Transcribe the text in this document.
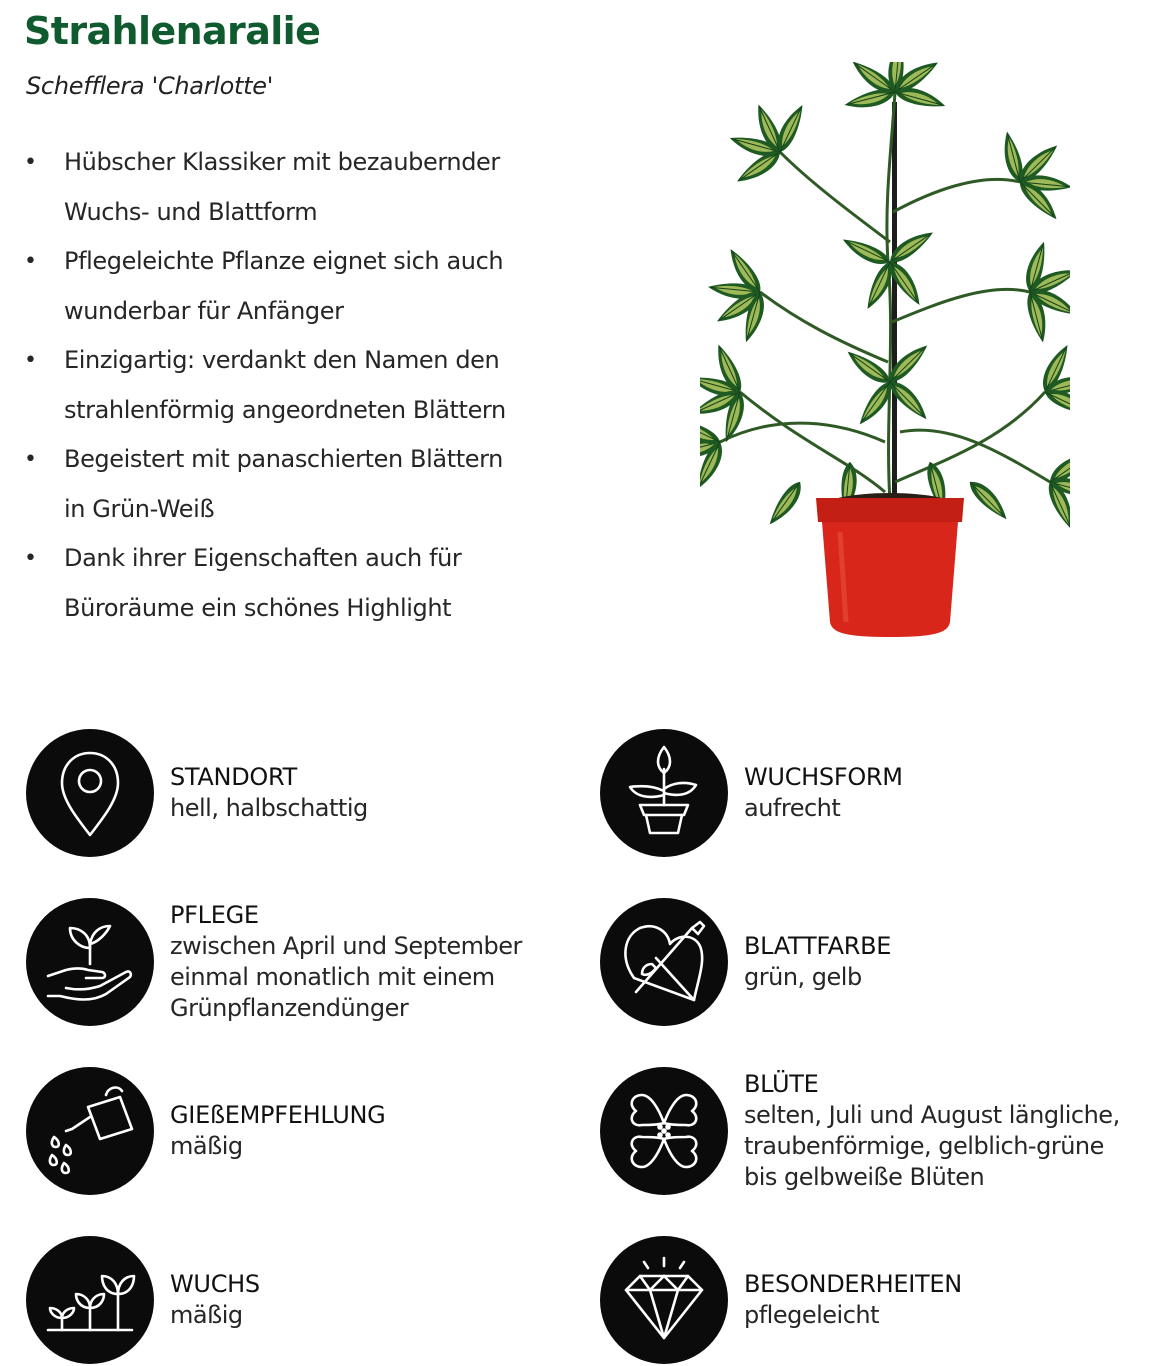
Strahlenaralie
Schefflera 'Charlotte'
• Hübscher Klassiker mit bezaubernder
Wuchs- und Blattform
• Pflegeleichte Pflanze eignet sich auch
wunderbar für Anfänger
• Einzigartig: verdankt den Namen den
strahlenförmig angeordneten Blättern
• Begeistert mit panaschierten Blättern
in Grün-Weiß
• Dank ihrer Eigenschaften auch für
Büroräume ein schönes Highlight
STANDORT
hell, halbschattig
PFLEGE
zwischen April und September
einmal monatlich mit einem
Grünpflanzendünger
GIEßEMPFEHLUNG
mäßig
WUCHS
mäßig
WUCHSFORM
aufrecht
BLATTFARBE
grün, gelb
BLÜTE
selten, Juli und August längliche,
traubenförmige, gelblich-grüne
bis gelbweiße Blüten
BESONDERHEITEN
pflegeleicht
